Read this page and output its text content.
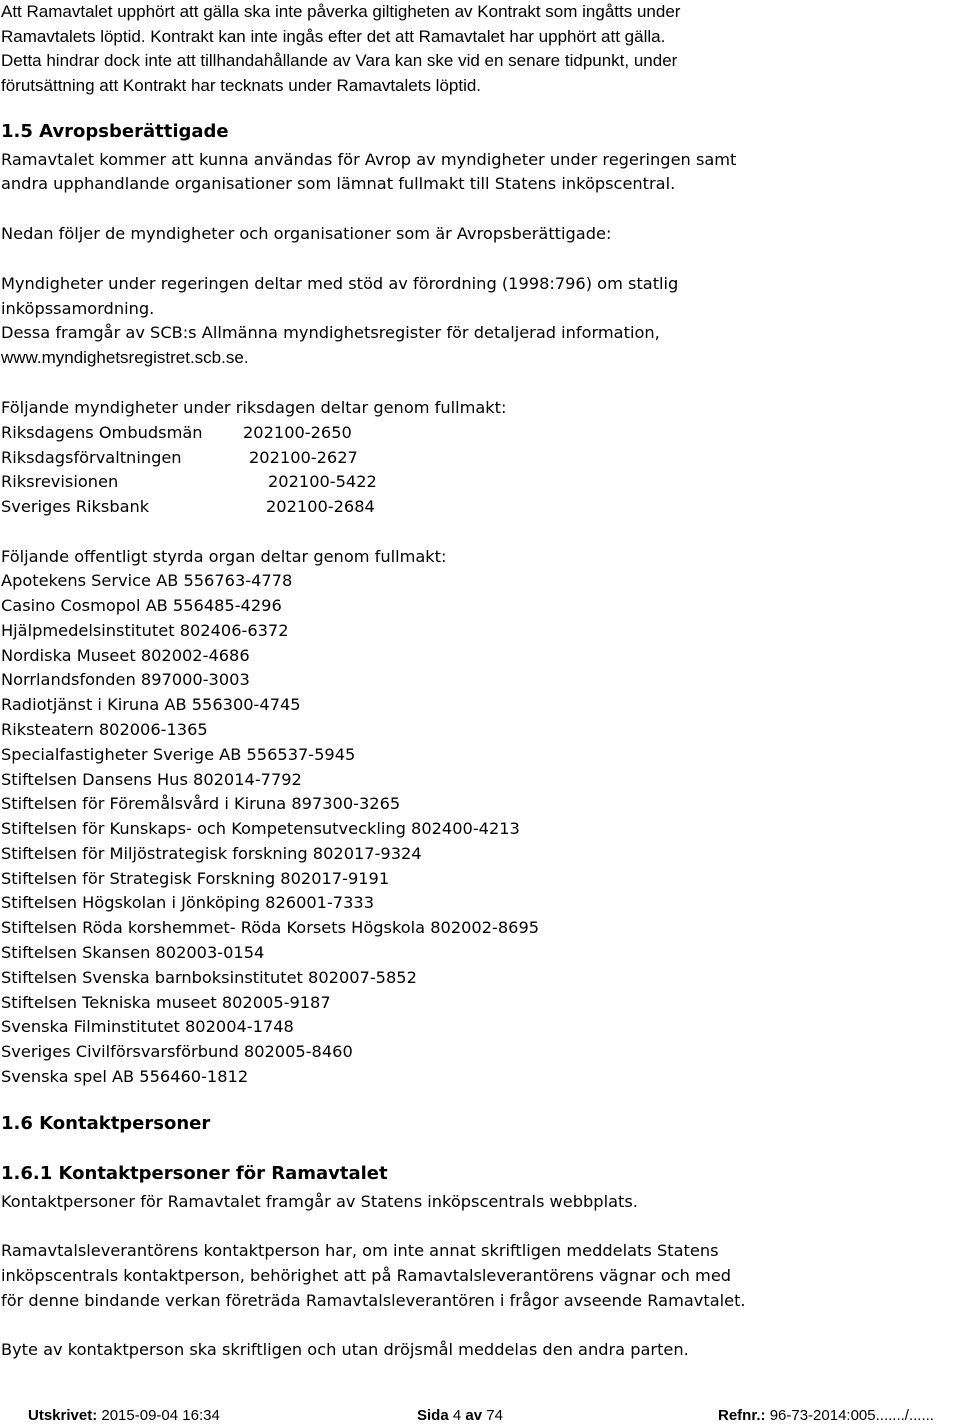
Att Ramavtalet upphört att gälla ska inte påverka giltigheten av Kontrakt som ingåtts under
Ramavtalets löptid. Kontrakt kan inte ingås efter det att Ramavtalet har upphört att gälla.
Detta hindrar dock inte att tillhandahållande av Vara kan ske vid en senare tidpunkt, under
förutsättning att Kontrakt har tecknats under Ramavtalets löptid.
1.5 Avropsberättigade
Ramavtalet kommer att kunna användas för Avrop av myndigheter under regeringen samt
andra upphandlande organisationer som lämnat fullmakt till Statens inköpscentral.
Nedan följer de myndigheter och organisationer som är Avropsberättigade:
Myndigheter under regeringen deltar med stöd av förordning (1998:796) om statlig
inköpssamordning.
Dessa framgår av SCB:s Allmänna myndighetsregister för detaljerad information,
www.myndighetsregistret.scb.se.
Följande myndigheter under riksdagen deltar genom fullmakt:
Riksdagens Ombudsmän 202100-2650
Riksdagsförvaltningen	202100-2627
Riksrevisionen	202100-5422
Sveriges Riksbank	202100-2684
Följande offentligt styrda organ deltar genom fullmakt:
Apotekens Service AB 556763-4778
Casino Cosmopol AB 556485-4296
Hjälpmedelsinstitutet 802406-6372
Nordiska Museet 802002-4686
Norrlandsfonden 897000-3003
Radiotjänst i Kiruna AB 556300-4745
Riksteatern 802006-1365
Specialfastigheter Sverige AB 556537-5945
Stiftelsen Dansens Hus 802014-7792
Stiftelsen för Föremålsvård i Kiruna 897300-3265
Stiftelsen för Kunskaps- och Kompetensutveckling 802400-4213
Stiftelsen för Miljöstrategisk forskning 802017-9324
Stiftelsen för Strategisk Forskning 802017-9191
Stiftelsen Högskolan i Jönköping 826001-7333
Stiftelsen Röda korshemmet- Röda Korsets Högskola 802002-8695
Stiftelsen Skansen 802003-0154
Stiftelsen Svenska barnboksinstitutet 802007-5852
Stiftelsen Tekniska museet 802005-9187
Svenska Filminstitutet 802004-1748
Sveriges Civilförsvarsförbund 802005-8460
Svenska spel AB 556460-1812
1.6 Kontaktpersoner
1.6.1 Kontaktpersoner för Ramavtalet
Kontaktpersoner för Ramavtalet framgår av Statens inköpscentrals webbplats.
Ramavtalsleverantörens kontaktperson har, om inte annat skriftligen meddelats Statens
inköpscentrals kontaktperson, behörighet att på Ramavtalsleverantörens vägnar och med
för denne bindande verkan företräda Ramavtalsleverantören i frågor avseende Ramavtalet.
Byte av kontaktperson ska skriftligen och utan dröjsmål meddelas den andra parten.
Utskrivet: 2015-09-04 16:34	Sida 4 av 74	Refnr.: 96-73-2014:005......./......
